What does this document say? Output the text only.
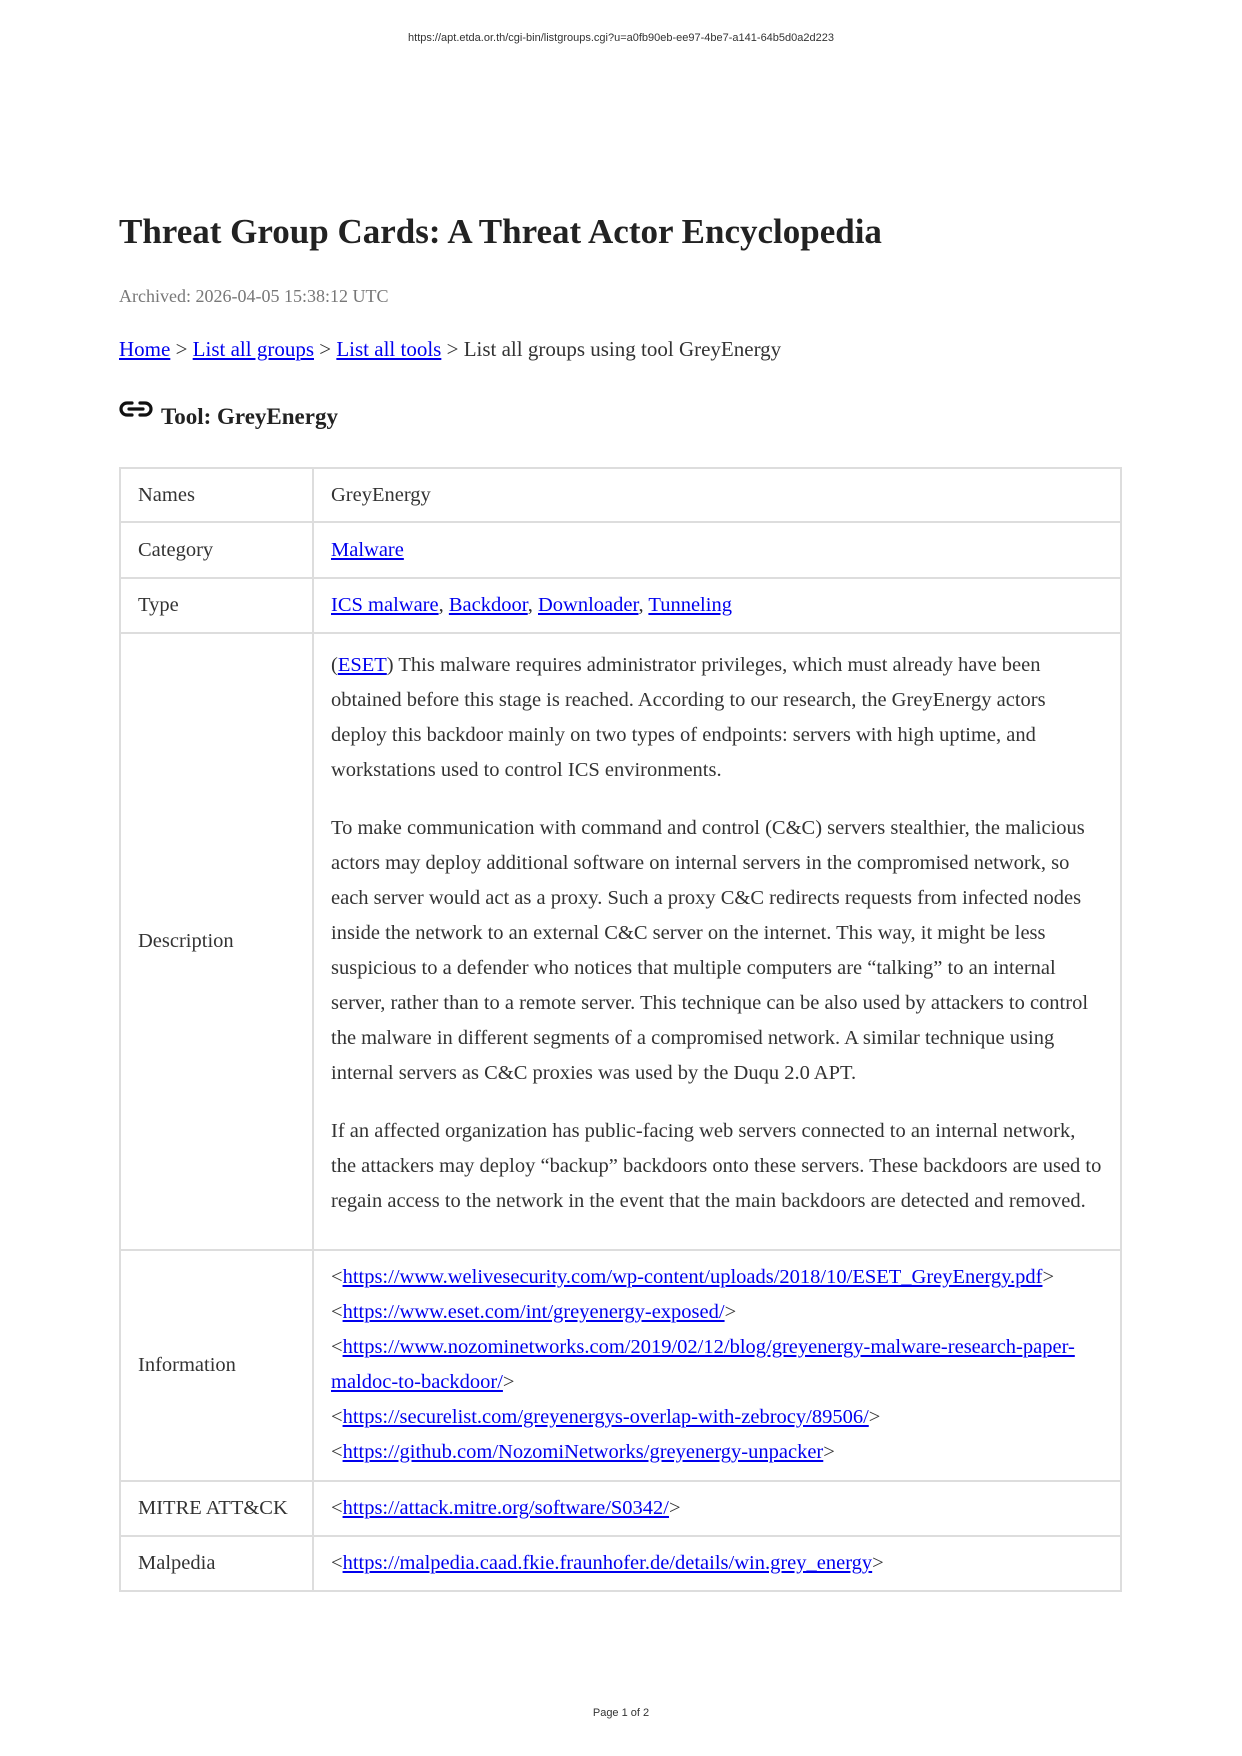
https://apt.etda.or.th/cgi-bin/listgroups.cgi?u=a0fb90eb-ee97-4be7-a141-64b5d0a2d223
Threat Group Cards: A Threat Actor Encyclopedia
Archived: 2026-04-05 15:38:12 UTC
Home > List all groups > List all tools > List all groups using tool GreyEnergy
Tool: GreyEnergy
Names	GreyEnergy
Category	Malware
Type	ICS malware, Backdoor, Downloader, Tunneling
Description	(ESET) This malware requires administrator privileges, which must already have been obtained before this stage is reached. According to our research, the GreyEnergy actors deploy this backdoor mainly on two types of endpoints: servers with high uptime, and workstations used to control ICS environments.

To make communication with command and control (C&C) servers stealthier, the malicious actors may deploy additional software on internal servers in the compromised network, so each server would act as a proxy. Such a proxy C&C redirects requests from infected nodes inside the network to an external C&C server on the internet. This way, it might be less suspicious to a defender who notices that multiple computers are “talking” to an internal server, rather than to a remote server. This technique can be also used by attackers to control the malware in different segments of a compromised network. A similar technique using internal servers as C&C proxies was used by the Duqu 2.0 APT.

If an affected organization has public-facing web servers connected to an internal network, the attackers may deploy “backup” backdoors onto these servers. These backdoors are used to regain access to the network in the event that the main backdoors are detected and removed.

Information	<https://www.welivesecurity.com/wp-content/uploads/2018/10/ESET_GreyEnergy.pdf>

<https://www.eset.com/int/greyenergy-exposed/>

<https://www.nozominetworks.com/2019/02/12/blog/greyenergy-malware-research-paper-maldoc-to-backdoor/>

<https://securelist.com/greyenergys-overlap-with-zebrocy/89506/>

<https://github.com/NozomiNetworks/greyenergy-unpacker>

MITRE ATT&CK	<https://attack.mitre.org/software/S0342/>
Malpedia	<https://malpedia.caad.fkie.fraunhofer.de/details/win.grey_energy>
Page 1 of 2
